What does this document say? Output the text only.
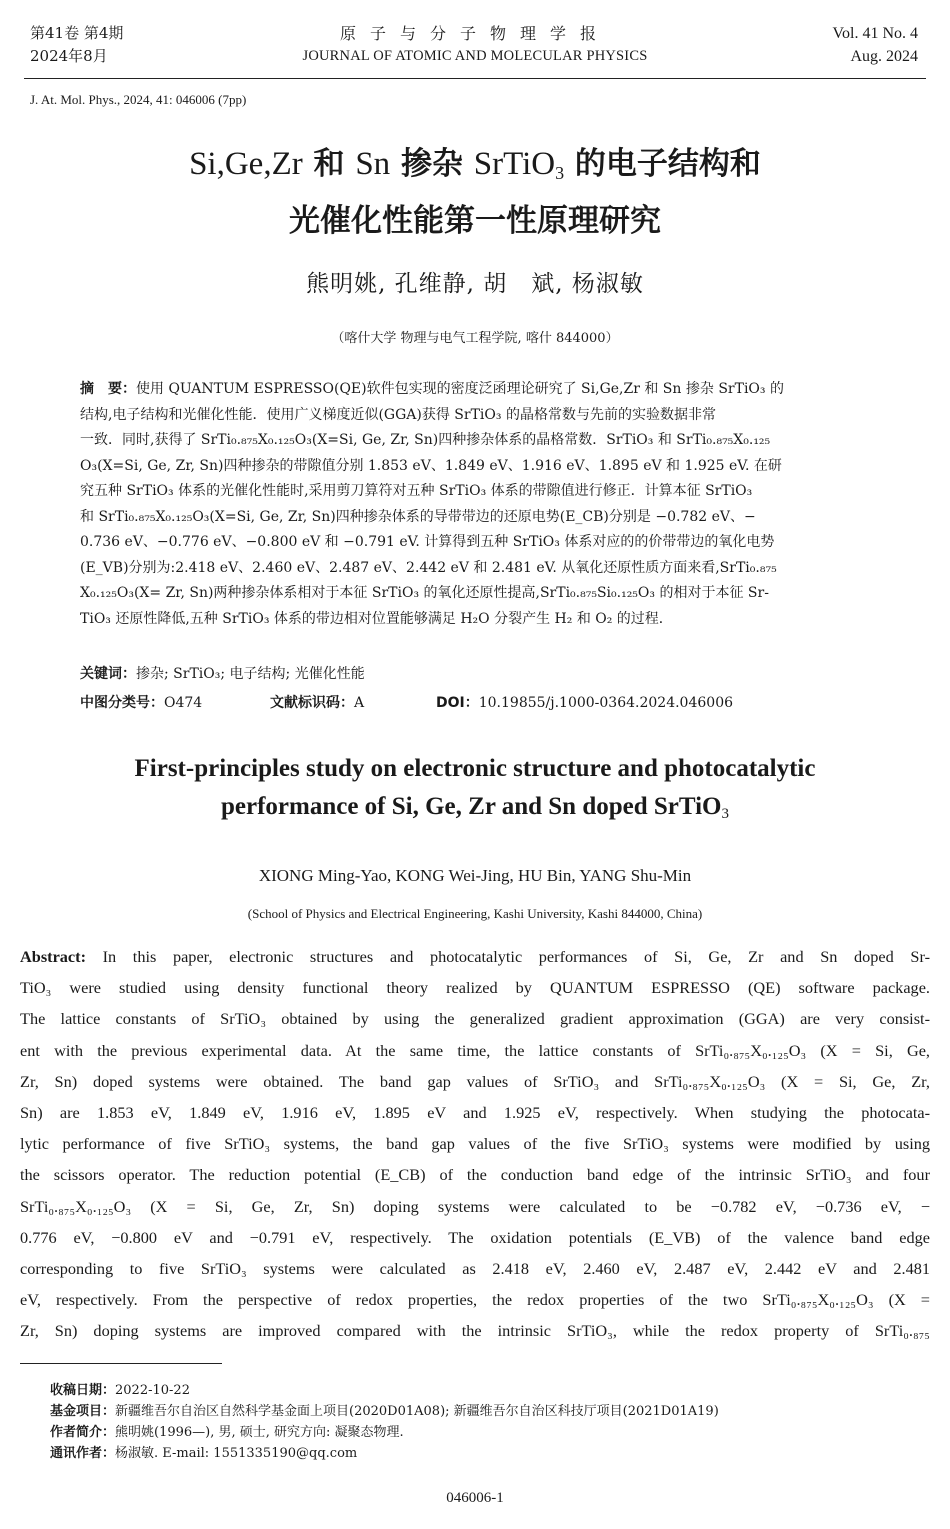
第41卷 第4期
2024年8月
原子与分子物理学报
JOURNAL OF ATOMIC AND MOLECULAR PHYSICS
Vol. 41 No. 4
Aug. 2024
J. At. Mol. Phys., 2024, 41: 046006 (7pp)
Si,Ge,Zr 和 Sn 掺杂 SrTiO$_3$ 的电子结构和
光催化性能第一性原理研究
熊明姚, 孔维静, 胡　斌, 杨淑敏
（喀什大学 物理与电气工程学院, 喀什 844000）
摘　要：使用 QUANTUM ESPRESSO(QE)软件包实现的密度泛函理论研究了 Si,Ge,Zr 和 Sn 掺杂 SrTiO₃ 的
结构,电子结构和光催化性能．使用广义梯度近似(GGA)获得 SrTiO₃ 的晶格常数与先前的实验数据非常
一致．同时,获得了 SrTi₀.₈₇₅X₀.₁₂₅O₃(X=Si, Ge, Zr, Sn)四种掺杂体系的晶格常数．SrTiO₃ 和 SrTi₀.₈₇₅X₀.₁₂₅
O₃(X=Si, Ge, Zr, Sn)四种掺杂的带隙值分别 1.853 eV、1.849 eV、1.916 eV、1.895 eV 和 1.925 eV. 在研
究五种 SrTiO₃ 体系的光催化性能时,采用剪刀算符对五种 SrTiO₃ 体系的带隙值进行修正．计算本征 SrTiO₃
和 SrTi₀.₈₇₅X₀.₁₂₅O₃(X=Si, Ge, Zr, Sn)四种掺杂体系的导带带边的还原电势(E_CB)分别是 −0.782 eV、−
0.736 eV、−0.776 eV、−0.800 eV 和 −0.791 eV. 计算得到五种 SrTiO₃ 体系对应的的价带带边的氧化电势
(E_VB)分别为:2.418 eV、2.460 eV、2.487 eV、2.442 eV 和 2.481 eV. 从氧化还原性质方面来看,SrTi₀.₈₇₅
X₀.₁₂₅O₃(X= Zr, Sn)两种掺杂体系相对于本征 SrTiO₃ 的氧化还原性提高,SrTi₀.₈₇₅Si₀.₁₂₅O₃ 的相对于本征 Sr-
TiO₃ 还原性降低,五种 SrTiO₃ 体系的带边相对位置能够满足 H₂O 分裂产生 H₂ 和 O₂ 的过程．
关键词：掺杂; SrTiO₃; 电子结构; 光催化性能
中图分类号：O474	文献标识码：A	DOI：10.19855/j.1000-0364.2024.046006
First-principles study on electronic structure and photocatalytic
performance of Si, Ge, Zr and Sn doped SrTiO$_3$
XIONG Ming-Yao, KONG Wei-Jing, HU Bin, YANG Shu-Min
(School of Physics and Electrical Engineering, Kashi University, Kashi 844000, China)
Abstract: In this paper, electronic structures and photocatalytic performances of Si, Ge, Zr and Sn doped Sr-
TiO₃ were studied using density functional theory realized by QUANTUM ESPRESSO (QE) software package.
The lattice constants of SrTiO₃ obtained by using the generalized gradient approximation (GGA) are very consist-
ent with the previous experimental data. At the same time, the lattice constants of SrTi₀.₈₇₅X₀.₁₂₅O₃ (X = Si, Ge,
Zr, Sn) doped systems were obtained. The band gap values of SrTiO₃ and SrTi₀.₈₇₅X₀.₁₂₅O₃ (X = Si, Ge, Zr,
Sn) are 1.853 eV, 1.849 eV, 1.916 eV, 1.895 eV and 1.925 eV, respectively. When studying the photocata-
lytic performance of five SrTiO₃ systems, the band gap values of the five SrTiO₃ systems were modified by using
the scissors operator. The reduction potential (E_CB) of the conduction band edge of the intrinsic SrTiO₃ and four
SrTi₀.₈₇₅X₀.₁₂₅O₃ (X = Si, Ge, Zr, Sn) doping systems were calculated to be −0.782 eV, −0.736 eV, −
0.776 eV, −0.800 eV and −0.791 eV, respectively. The oxidation potentials (E_VB) of the valence band edge
corresponding to five SrTiO₃ systems were calculated as 2.418 eV, 2.460 eV, 2.487 eV, 2.442 eV and 2.481
eV, respectively. From the perspective of redox properties, the redox properties of the two SrTi₀.₈₇₅X₀.₁₂₅O₃ (X =
Zr, Sn) doping systems are improved compared with the intrinsic SrTiO₃, while the redox property of SrTi₀.₈₇₅
收稿日期：2022-10-22
基金项目：新疆维吾尔自治区自然科学基金面上项目(2020D01A08); 新疆维吾尔自治区科技厅项目(2021D01A19)
作者简介：熊明姚(1996—), 男, 硕士, 研究方向: 凝聚态物理.
通讯作者：杨淑敏. E-mail: 1551335190@qq.com
046006-1
